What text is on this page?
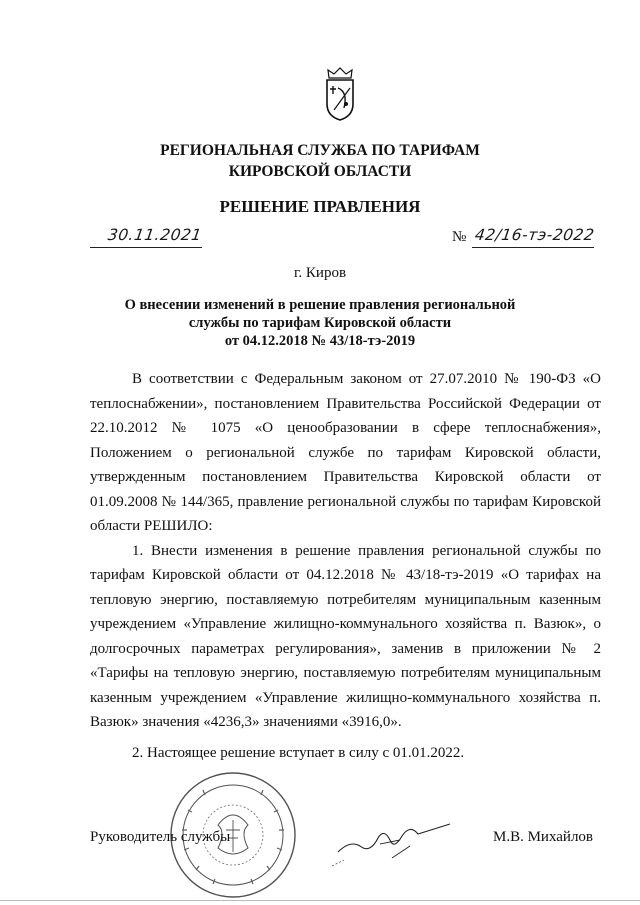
РЕГИОНАЛЬНАЯ СЛУЖБА ПО ТАРИФАМ
КИРОВСКОЙ ОБЛАСТИ
РЕШЕНИЕ ПРАВЛЕНИЯ
30.11.2021	№ 42/16-тэ-2022
г. Киров
О внесении изменений в решение правления региональной
службы по тарифам Кировской области
от 04.12.2018 № 43/18-тэ-2019

В соответствии с Федеральным законом от 27.07.2010 № 190-ФЗ «О теплоснабжении», постановлением Правительства Российской Федерации от 22.10.2012 № 1075 «О ценообразовании в сфере теплоснабжения», Положением о региональной службе по тарифам Кировской области, утвержденным постановлением Правительства Кировской области от 01.09.2008 № 144/365, правление региональной службы по тарифам Кировской области РЕШИЛО:

1. Внести изменения в решение правления региональной службы по тарифам Кировской области от 04.12.2018 № 43/18-тэ-2019 «О тарифах на тепловую энергию, поставляемую потребителям муниципальным казенным учреждением «Управление жилищно-коммунального хозяйства п. Вазюк», о долгосрочных параметрах регулирования», заменив в приложении № 2 «Тарифы на тепловую энергию, поставляемую потребителям муниципальным казенным учреждением «Управление жилищно-коммунального хозяйства п. Вазюк» значения «4236,3» значениями «3916,0».

2. Настоящее решение вступает в силу с 01.01.2022.

Руководитель службы	М.В. Михайлов
